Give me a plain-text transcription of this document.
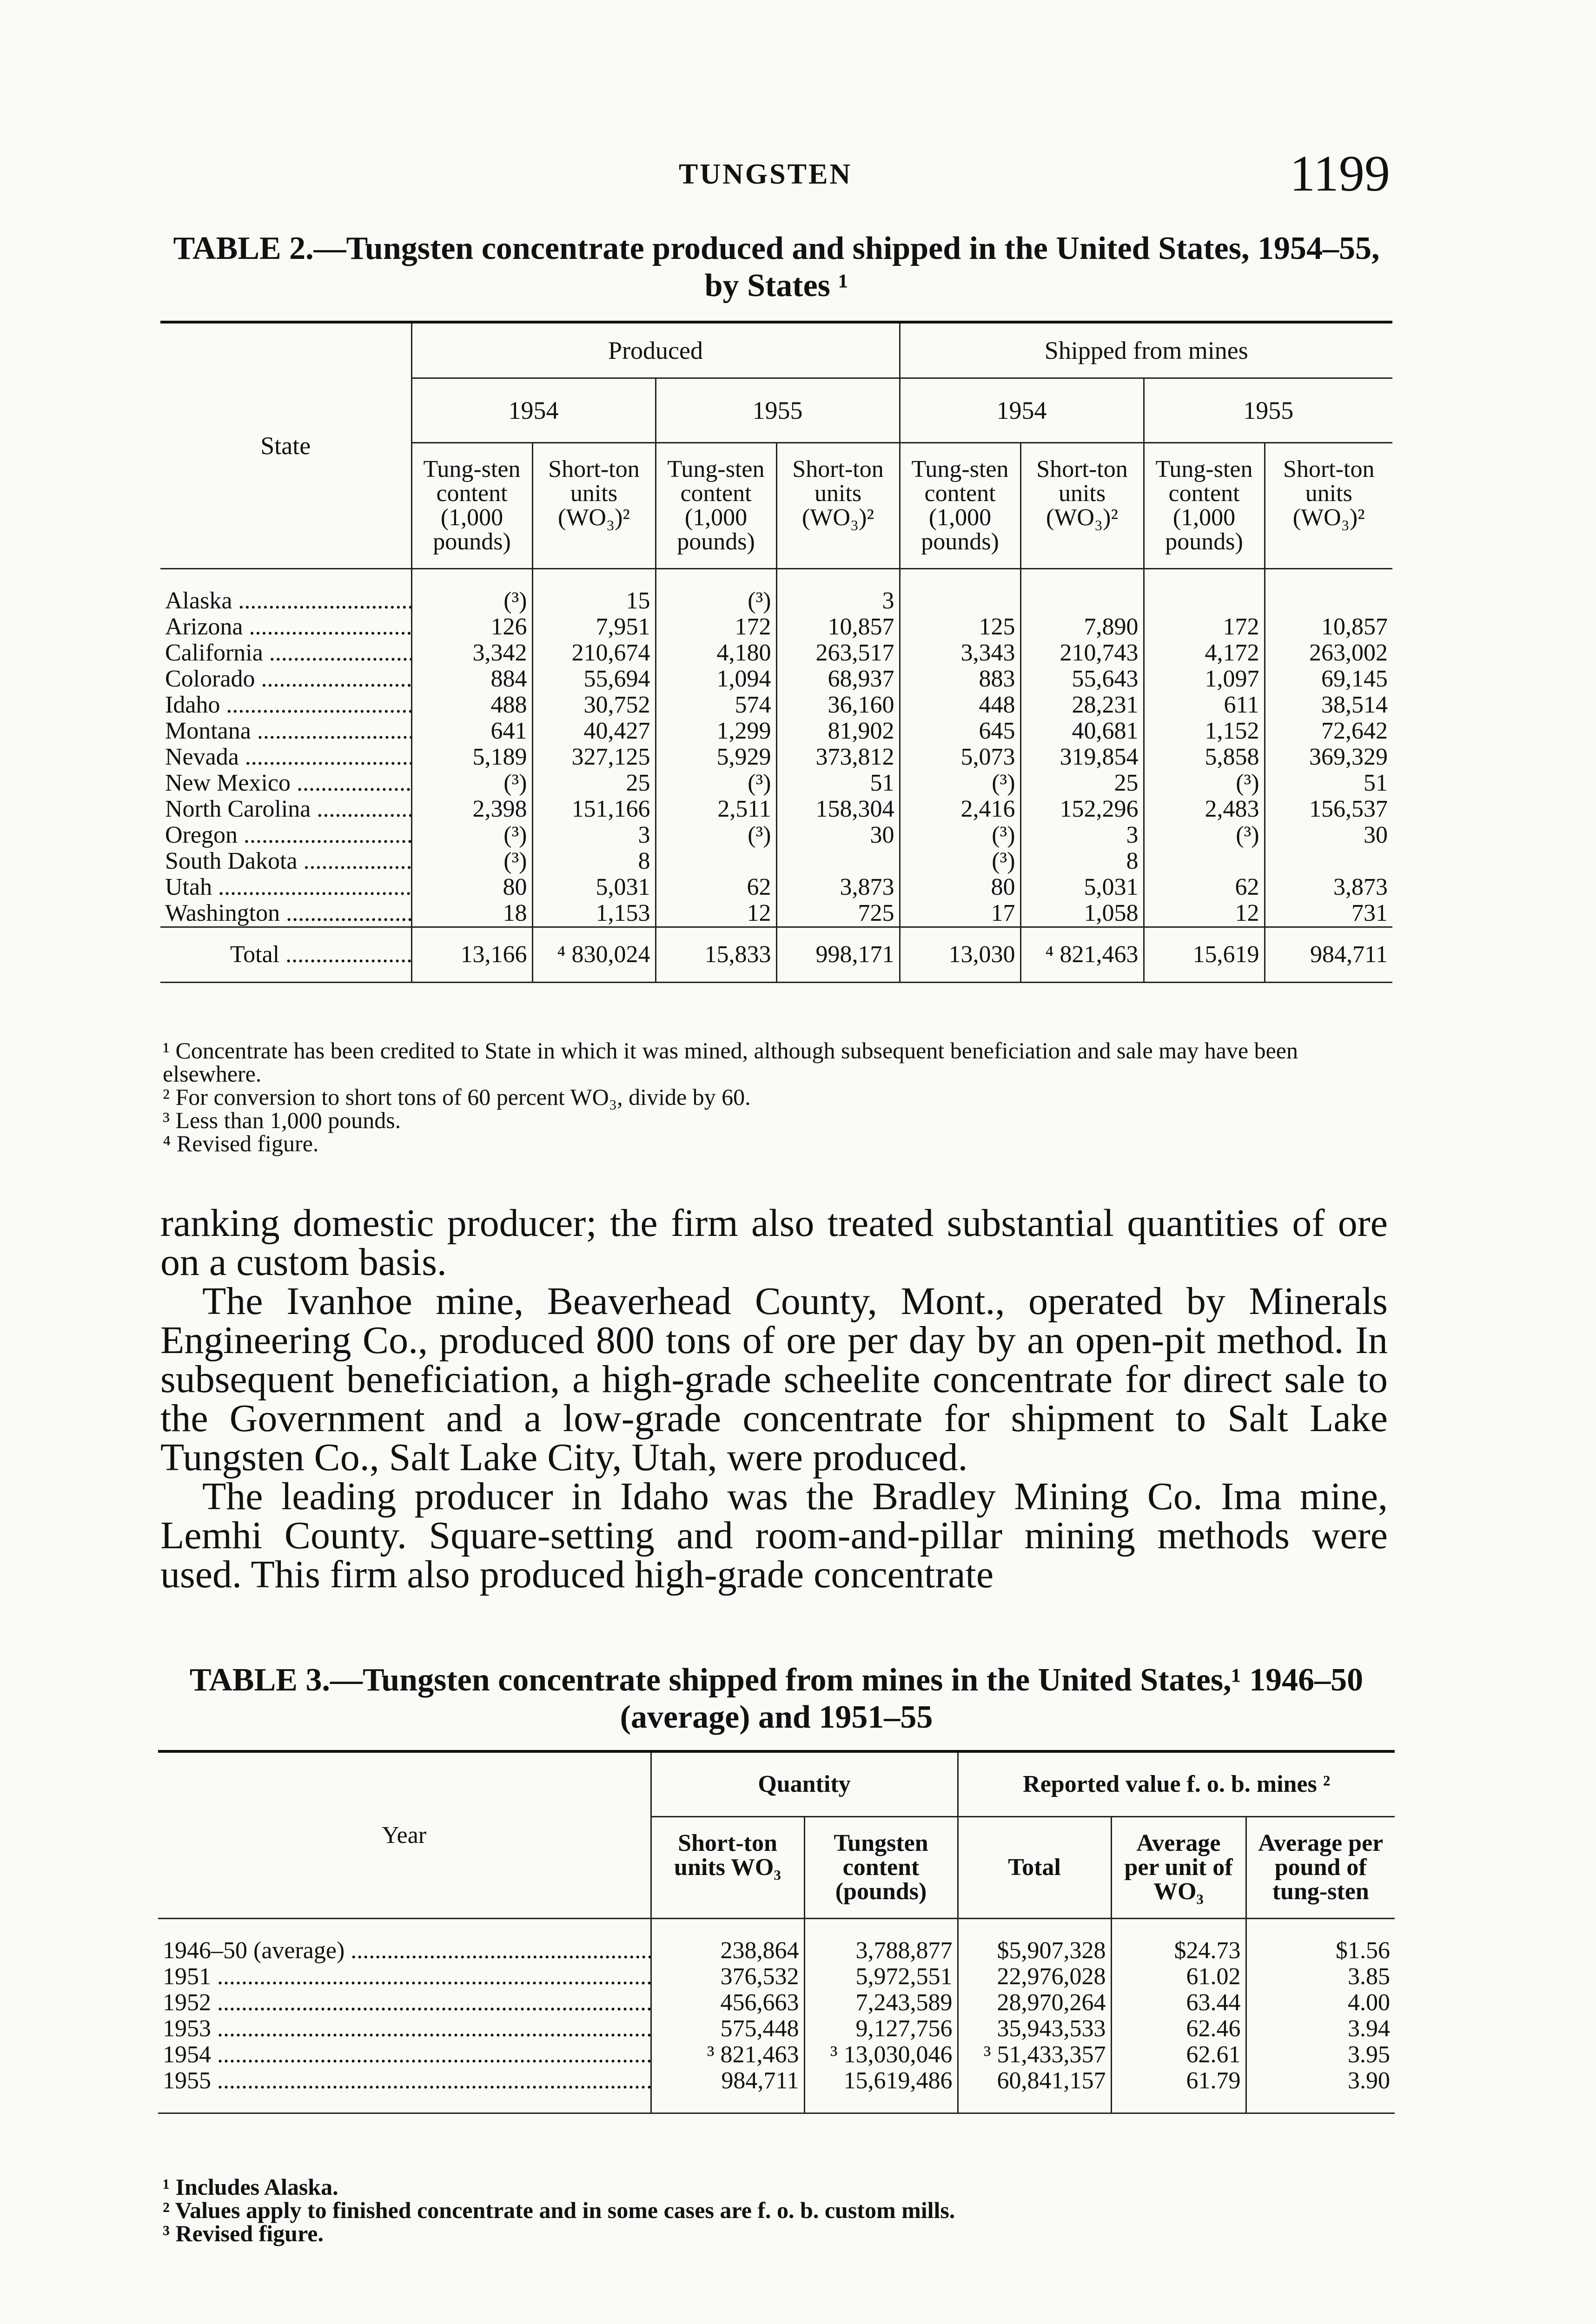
TUNGSTEN	1199
TABLE 2.—Tungsten concentrate produced and shipped in the United States, 1954–55, by States ¹
State	Produced				Shipped from mines			
	1954		1955		1954		1955	
	Tung-sten content (1,000 pounds)	Short-ton units (WO₃)²	Tung-sten content (1,000 pounds)	Short-ton units (WO₃)²	Tung-sten content (1,000 pounds)	Short-ton units (WO₃)²	Tung-sten content (1,000 pounds)	Short-ton units (WO₃)²
Alaska .....	(³)	15	(³)	3				
Arizona .....	126	7,951	172	10,857	125	7,890	172	10,857
California .....	3,342	210,674	4,180	263,517	3,343	210,743	4,172	263,002
Colorado .....	884	55,694	1,094	68,937	883	55,643	1,097	69,145
Idaho .....	488	30,752	574	36,160	448	28,231	611	38,514
Montana .....	641	40,427	1,299	81,902	645	40,681	1,152	72,642
Nevada .....	5,189	327,125	5,929	373,812	5,073	319,854	5,858	369,329
New Mexico .....	(³)	25	(³)	51	(³)	25	(³)	51
North Carolina .....	2,398	151,166	2,511	158,304	2,416	152,296	2,483	156,537
Oregon .....	(³)	3	(³)	30	(³)	3	(³)	30
South Dakota .....	(³)	8			(³)	8		
Utah .....	80	5,031	62	3,873	80	5,031	62	3,873
Washington .....	18	1,153	12	725	17	1,058	12	731
Total .....	13,166	⁴ 830,024	15,833	998,171	13,030	⁴ 821,463	15,619	984,711
¹ Concentrate has been credited to State in which it was mined, although subsequent beneficiation and sale may have been elsewhere.
² For conversion to short tons of 60 percent WO₃, divide by 60.
³ Less than 1,000 pounds.
⁴ Revised figure.

ranking domestic producer; the firm also treated substantial quantities of ore on a custom basis.

The Ivanhoe mine, Beaverhead County, Mont., operated by Minerals Engineering Co., produced 800 tons of ore per day by an open-pit method. In subsequent beneficiation, a high-grade scheelite concentrate for direct sale to the Government and a low-grade concentrate for shipment to Salt Lake Tungsten Co., Salt Lake City, Utah, were produced.

The leading producer in Idaho was the Bradley Mining Co. Ima mine, Lemhi County. Square-setting and room-and-pillar mining methods were used. This firm also produced high-grade concentrate

TABLE 3.—Tungsten concentrate shipped from mines in the United States,¹ 1946–50 (average) and 1951–55
Year	Quantity		Reported value f. o. b. mines ²		
	Short-ton units WO₃	Tungsten content (pounds)	Total	Average per unit of WO₃	Average per pound of tung-sten
1946–50 (average) .....	238,864	3,788,877	$5,907,328	$24.73	$1.56
1951 .....	376,532	5,972,551	22,976,028	61.02	3.85
1952 .....	456,663	7,243,589	28,970,264	63.44	4.00
1953 .....	575,448	9,127,756	35,943,533	62.46	3.94
1954 .....	³ 821,463	³ 13,030,046	³ 51,433,357	62.61	3.95
1955 .....	984,711	15,619,486	60,841,157	61.79	3.90
¹ Includes Alaska.
² Values apply to finished concentrate and in some cases are f. o. b. custom mills.
³ Revised figure.
